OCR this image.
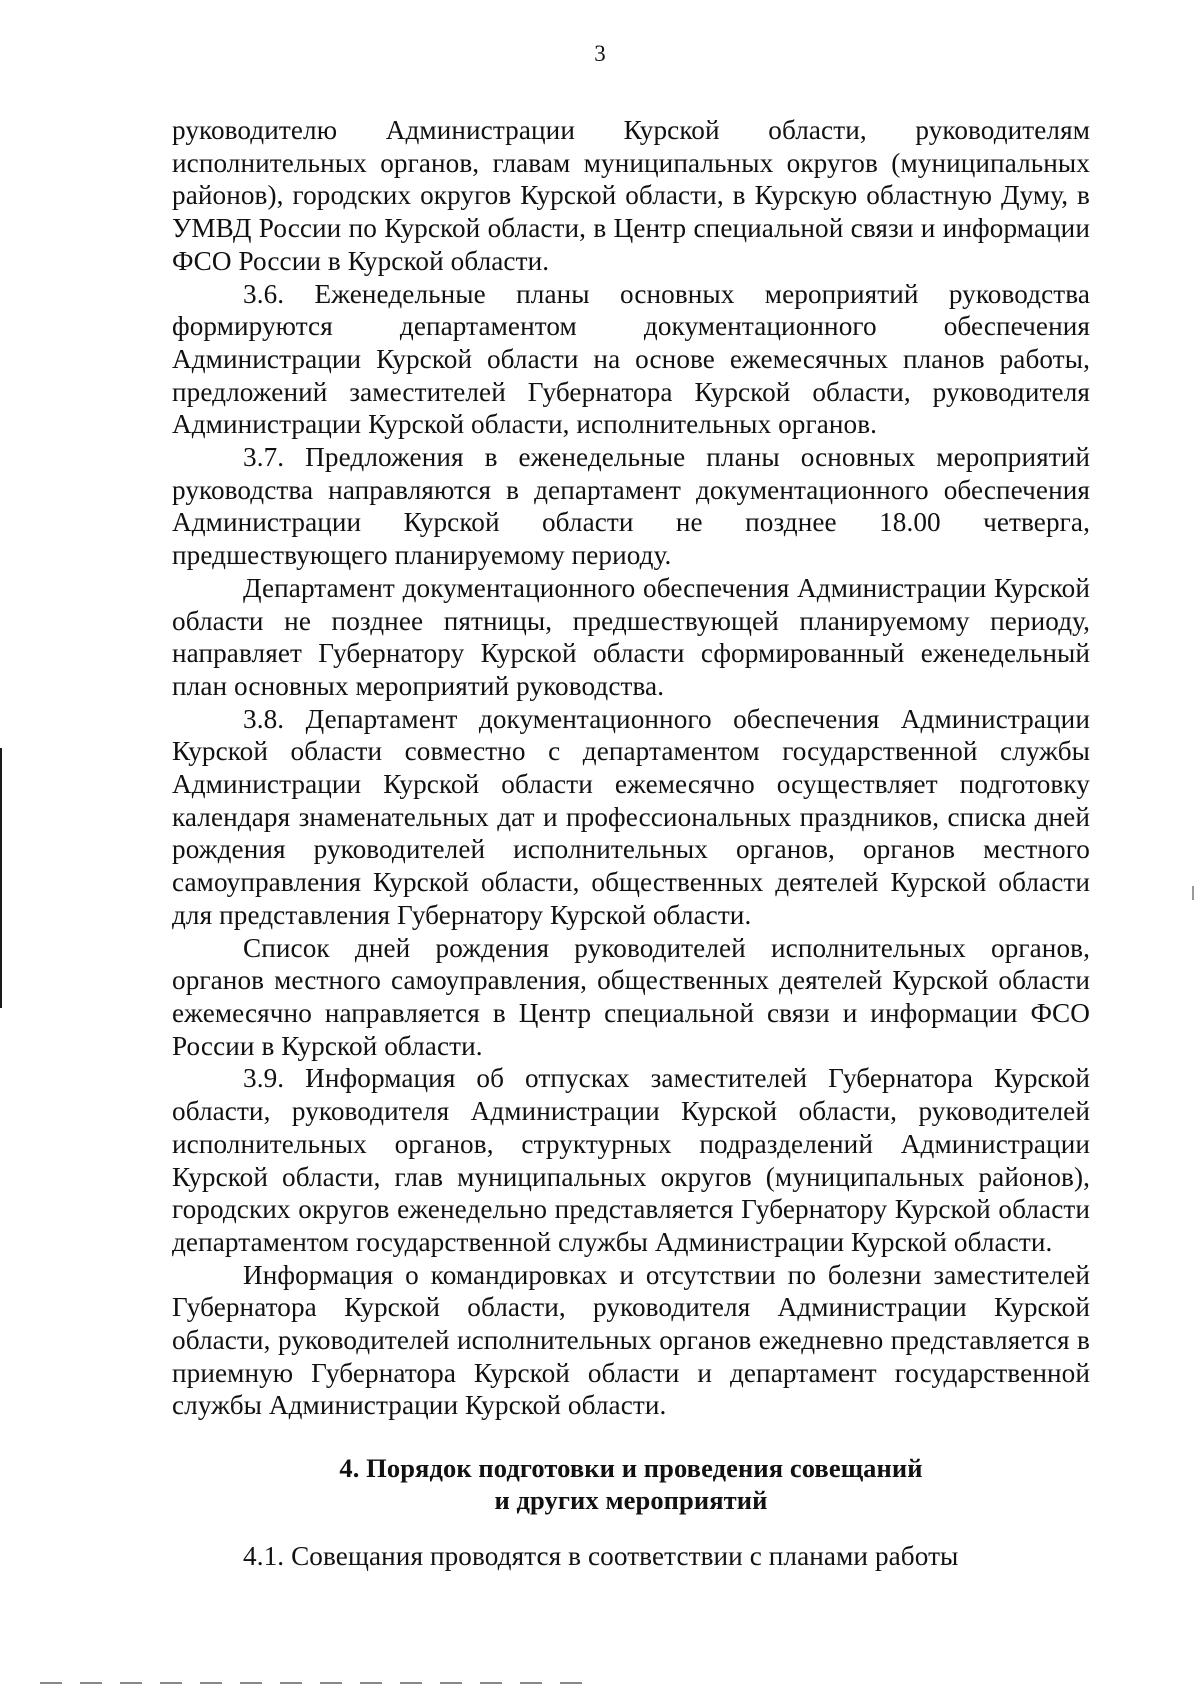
3

руководителю Администрации Курской области, руководителям исполнительных органов, главам муниципальных округов (муниципальных районов), городских округов Курской области, в Курскую областную Думу, в УМВД России по Курской области, в Центр специальной связи и информации ФСО России в Курской области.

3.6. Еженедельные планы основных мероприятий руководства формируются департаментом документационного обеспечения Администрации Курской области на основе ежемесячных планов работы, предложений заместителей Губернатора Курской области, руководителя Администрации Курской области, исполнительных органов.

3.7. Предложения в еженедельные планы основных мероприятий руководства направляются в департамент документационного обеспечения Администрации Курской области не позднее 18.00 четверга, предшествующего планируемому периоду.

Департамент документационного обеспечения Администрации Курской области не позднее пятницы, предшествующей планируемому периоду, направляет Губернатору Курской области сформированный еженедельный план основных мероприятий руководства.

3.8. Департамент документационного обеспечения Администрации Курской области совместно с департаментом государственной службы Администрации Курской области ежемесячно осуществляет подготовку календаря знаменательных дат и профессиональных праздников, списка дней рождения руководителей исполнительных органов, органов местного самоуправления Курской области, общественных деятелей Курской области для представления Губернатору Курской области.

Список дней рождения руководителей исполнительных органов, органов местного самоуправления, общественных деятелей Курской области ежемесячно направляется в Центр специальной связи и информации ФСО России в Курской области.

3.9. Информация об отпусках заместителей Губернатора Курской области, руководителя Администрации Курской области, руководителей исполнительных органов, структурных подразделений Администрации Курской области, глав муниципальных округов (муниципальных районов), городских округов еженедельно представляется Губернатору Курской области департаментом государственной службы Администрации Курской области.

Информация о командировках и отсутствии по болезни заместителей Губернатора Курской области, руководителя Администрации Курской области, руководителей исполнительных органов ежедневно представляется в приемную Губернатора Курской области и департамент государственной службы Администрации Курской области.

4. Порядок подготовки и проведения совещаний
и других мероприятий

4.1. Совещания проводятся в соответствии с планами работы
